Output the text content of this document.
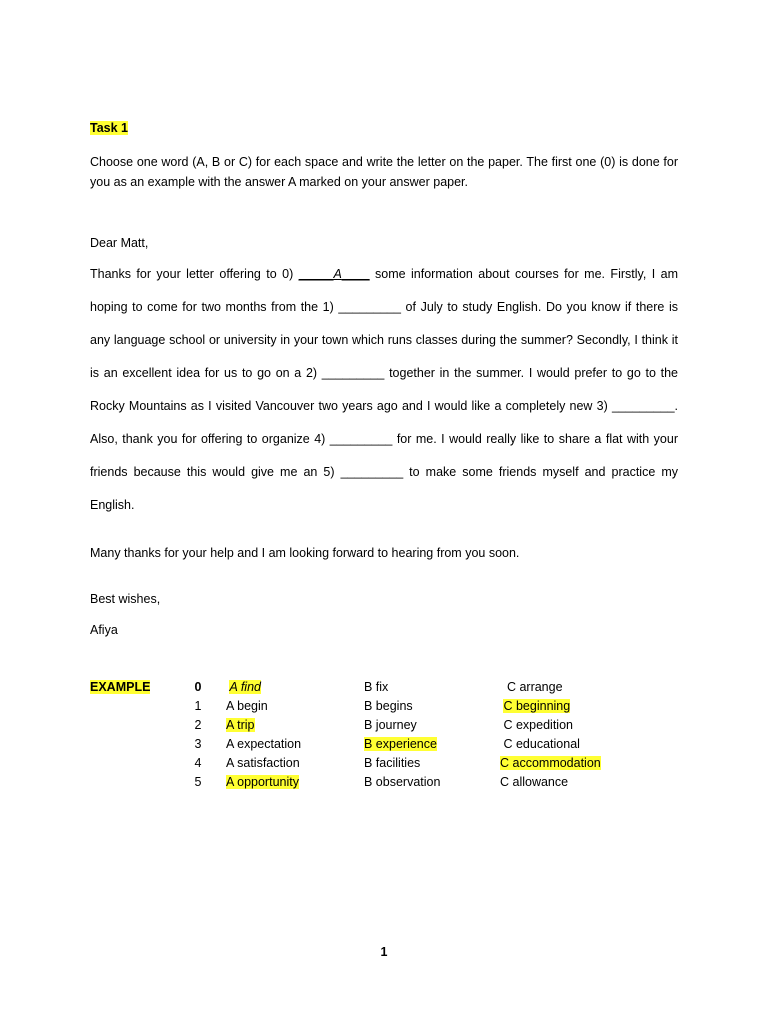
Task 1
Choose one word (A, B or C) for each space and write the letter on the paper. The first one (0) is done for you as an example with the answer A marked on your answer paper.
Dear Matt,
Thanks for your letter offering to 0) _____A____ some information about courses for me. Firstly, I am hoping to come for two months from the 1) _________ of July to study English. Do you know if there is any language school or university in your town which runs classes during the summer? Secondly, I think it is an excellent idea for us to go on a 2) _________ together in the summer. I would prefer to go to the Rocky Mountains as I visited Vancouver two years ago and I would like a completely new 3) _________. Also, thank you for offering to organize 4) _________ for me. I would really like to share a flat with your friends because this would give me an 5) _________ to make some friends myself and practice my English.
Many thanks for your help and I am looking forward to hearing from you soon.
Best wishes,
Afiya
EXAMPLE	0	A find	B fix	C arrange
	1	A begin	B begins	C beginning
	2	A trip	B journey	C expedition
	3	A expectation	B experience	C educational
	4	A satisfaction	B facilities	C accommodation
	5	A opportunity	B observation	C allowance
1
